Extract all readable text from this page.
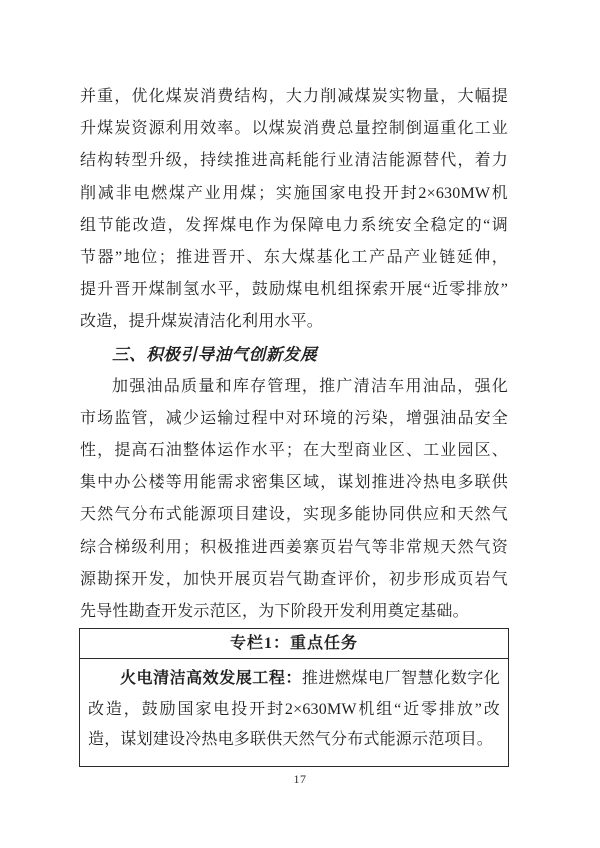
并重，优化煤炭消费结构，大力削减煤炭实物量，大幅提
升煤炭资源利用效率。以煤炭消费总量控制倒逼重化工业
结构转型升级，持续推进高耗能行业清洁能源替代，着力
削减非电燃煤产业用煤；实施国家电投开封2×630MW机
组节能改造，发挥煤电作为保障电力系统安全稳定的“调
节器”地位；推进晋开、东大煤基化工产品产业链延伸，
提升晋开煤制氢水平，鼓励煤电机组探索开展“近零排放”
改造，提升煤炭清洁化利用水平。
三、积极引导油气创新发展
加强油品质量和库存管理，推广清洁车用油品，强化
市场监管，减少运输过程中对环境的污染，增强油品安全
性，提高石油整体运作水平；在大型商业区、工业园区、
集中办公楼等用能需求密集区域，谋划推进冷热电多联供
天然气分布式能源项目建设，实现多能协同供应和天然气
综合梯级利用；积极推进西姜寨页岩气等非常规天然气资
源勘探开发，加快开展页岩气勘查评价，初步形成页岩气
先导性勘查开发示范区，为下阶段开发利用奠定基础。
专栏1：重点任务
火电清洁高效发展工程：推进燃煤电厂智慧化数字化
改造，鼓励国家电投开封2×630MW机组“近零排放”改
造，谋划建设冷热电多联供天然气分布式能源示范项目。
17
